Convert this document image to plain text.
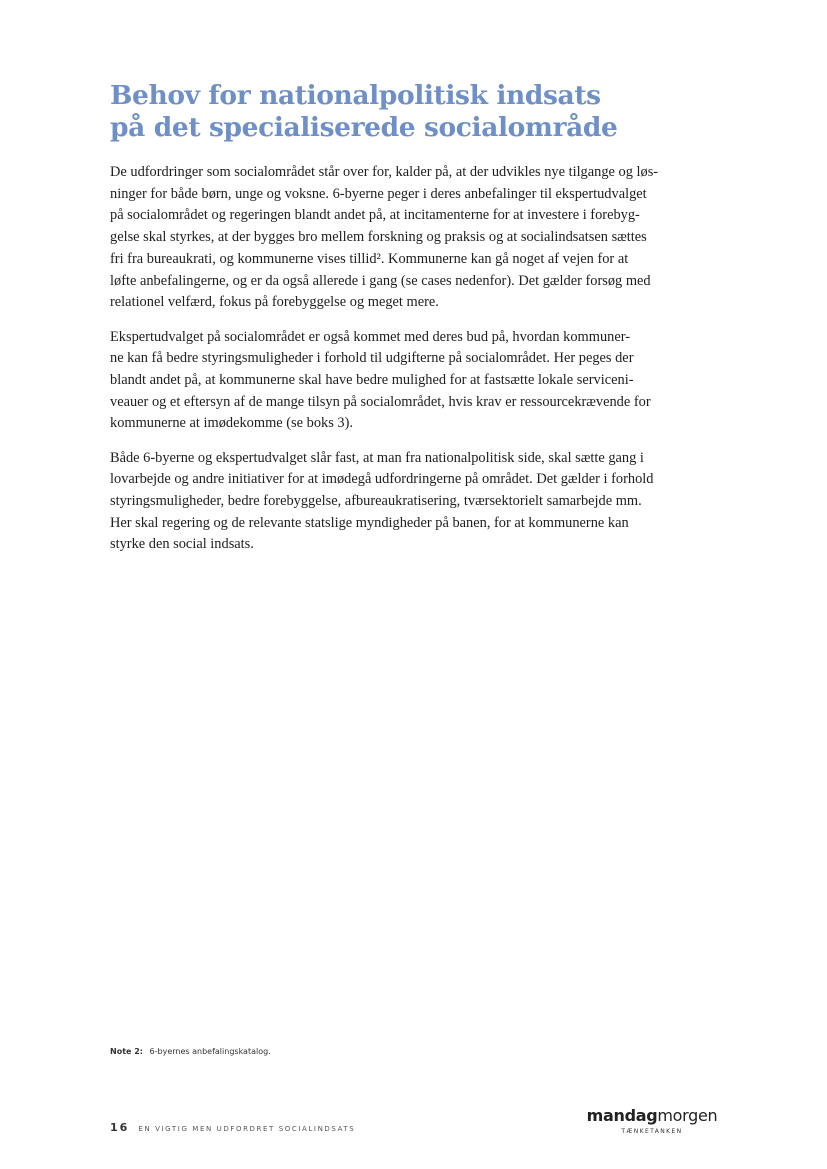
Behov for nationalpolitisk indsats
på det specialiserede socialområde

De udfordringer som socialområdet står over for, kalder på, at der udvikles nye tilgange og løs-
ninger for både børn, unge og voksne. 6-byerne peger i deres anbefalinger til ekspertudvalget
på socialområdet og regeringen blandt andet på, at incitamenterne for at investere i forebyg-
gelse skal styrkes, at der bygges bro mellem forskning og praksis og at socialindsatsen sættes
fri fra bureaukrati, og kommunerne vises tillid². Kommunerne kan gå noget af vejen for at
løfte anbefalingerne, og er da også allerede i gang (se cases nedenfor). Det gælder forsøg med
relationel velfærd, fokus på forebyggelse og meget mere.

Ekspertudvalget på socialområdet er også kommet med deres bud på, hvordan kommuner-
ne kan få bedre styringsmuligheder i forhold til udgifterne på socialområdet. Her peges der
blandt andet på, at kommunerne skal have bedre mulighed for at fastsætte lokale serviceni-
veauer og et eftersyn af de mange tilsyn på socialområdet, hvis krav er ressourcekrævende for
kommunerne at imødekomme (se boks 3).

Både 6-byerne og ekspertudvalget slår fast, at man fra nationalpolitisk side, skal sætte gang i
lovarbejde og andre initiativer for at imødegå udfordringerne på området. Det gælder i forhold
styringsmuligheder, bedre forebyggelse, afbureaukratisering, tværsektorielt samarbejde mm.
Her skal regering og de relevante statslige myndigheder på banen, for at kommunerne kan
styrke den social indsats.

Note 2: 6-byernes anbefalingskatalog.
16 EN VIGTIG MEN UDFORDRET SOCIALINDSATS
mandagmorgen
TÆNKETANKEN
